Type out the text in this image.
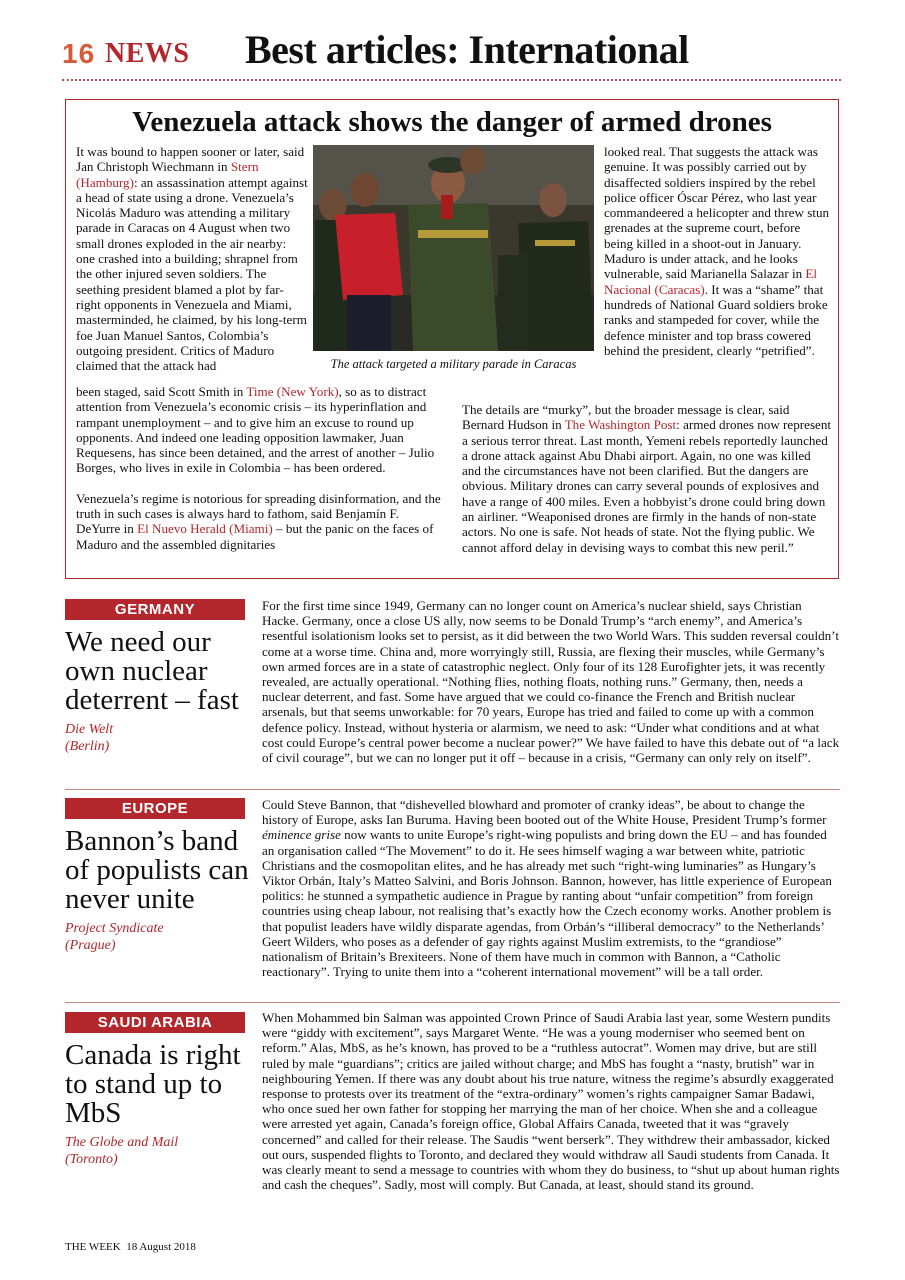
16 NEWS Best articles: International
Venezuela attack shows the danger of armed drones
The attack targeted a military parade in Caracas

It was bound to happen sooner or later, said Jan Christoph Wiechmann in Stern (Hamburg): an assassination attempt against a head of state using a drone. Venezuela’s Nicolás Maduro was attending a military parade in Caracas on 4 August when two small drones exploded in the air nearby: one crashed into a building; shrapnel from the other injured seven soldiers. The seething president blamed a plot by far-right opponents in Venezuela and Miami, masterminded, he claimed, by his long-term foe Juan Manuel Santos, Colombia’s outgoing president. Critics of Maduro claimed that the attack had

been staged, said Scott Smith in Time (New York), so as to distract attention from Venezuela’s economic crisis – its hyperinflation and rampant unemployment – and to give him an excuse to round up opponents. And indeed one leading opposition lawmaker, Juan Requesens, has since been detained, and the arrest of another – Julio Borges, who lives in exile in Colombia – has been ordered.

Venezuela’s regime is notorious for spreading disinformation, and the truth in such cases is always hard to fathom, said Benjamín F. DeYurre in El Nuevo Herald (Miami) – but the panic on the faces of Maduro and the assembled dignitaries

looked real. That suggests the attack was genuine. It was possibly carried out by disaffected soldiers inspired by the rebel police officer Óscar Pérez, who last year commandeered a helicopter and threw stun grenades at the supreme court, before being killed in a shoot-out in January. Maduro is under attack, and he looks vulnerable, said Marianella Salazar in El Nacional (Caracas). It was a “shame” that hundreds of National Guard soldiers broke ranks and stampeded for cover, while the defence minister and top brass cowered behind the president, clearly “petrified”.

The details are “murky”, but the broader message is clear, said Bernard Hudson in The Washington Post: armed drones now represent a serious terror threat. Last month, Yemeni rebels reportedly launched a drone attack against Abu Dhabi airport. Again, no one was killed and the circumstances have not been clarified. But the dangers are obvious. Military drones can carry several pounds of explosives and have a range of 400 miles. Even a hobbyist’s drone could bring down an airliner. “Weaponised drones are firmly in the hands of non-state actors. No one is safe. Not heads of state. Not the flying public. We cannot afford delay in devising ways to combat this new peril.”

GERMANY
We need our own nuclear deterrent – fast
Die Welt
(Berlin)
For the first time since 1949, Germany can no longer count on America’s nuclear shield, says Christian Hacke. Germany, once a close US ally, now seems to be Donald Trump’s “arch enemy”, and America’s resentful isolationism looks set to persist, as it did between the two World Wars. This sudden reversal couldn’t come at a worse time. China and, more worryingly still, Russia, are flexing their muscles, while Germany’s own armed forces are in a state of catastrophic neglect. Only four of its 128 Eurofighter jets, it was recently revealed, are actually operational. “Nothing flies, nothing floats, nothing runs.” Germany, then, needs a nuclear deterrent, and fast. Some have argued that we could co-finance the French and British nuclear arsenals, but that seems unworkable: for 70 years, Europe has tried and failed to come up with a common defence policy. Instead, without hysteria or alarmism, we need to ask: “Under what conditions and at what cost could Europe’s central power become a nuclear power?” We have failed to have this debate out of “a lack of civil courage”, but we can no longer put it off – because in a crisis, “Germany can only rely on itself”.
EUROPE
Bannon’s band of populists can never unite
Project Syndicate
(Prague)
Could Steve Bannon, that “dishevelled blowhard and promoter of cranky ideas”, be about to change the history of Europe, asks Ian Buruma. Having been booted out of the White House, President Trump’s former éminence grise now wants to unite Europe’s right-wing populists and bring down the EU – and has founded an organisation called “The Movement” to do it. He sees himself waging a war between white, patriotic Christians and the cosmopolitan elites, and he has already met such “right-wing luminaries” as Hungary’s Viktor Orbán, Italy’s Matteo Salvini, and Boris Johnson. Bannon, however, has little experience of European politics: he stunned a sympathetic audience in Prague by ranting about “unfair competition” from foreign countries using cheap labour, not realising that’s exactly how the Czech economy works. Another problem is that populist leaders have wildly disparate agendas, from Orbán’s “illiberal democracy” to the Netherlands’ Geert Wilders, who poses as a defender of gay rights against Muslim extremists, to the “grandiose” nationalism of Britain’s Brexiteers. None of them have much in common with Bannon, a “Catholic reactionary”. Trying to unite them into a “coherent international movement” will be a tall order.
SAUDI ARABIA
Canada is right to stand up to MbS
The Globe and Mail
(Toronto)
When Mohammed bin Salman was appointed Crown Prince of Saudi Arabia last year, some Western pundits were “giddy with excitement”, says Margaret Wente. “He was a young moderniser who seemed bent on reform.” Alas, MbS, as he’s known, has proved to be a “ruthless autocrat”. Women may drive, but are still ruled by male “guardians”; critics are jailed without charge; and MbS has fought a “nasty, brutish” war in neighbouring Yemen. If there was any doubt about his true nature, witness the regime’s absurdly exaggerated response to protests over its treatment of the “extra-ordinary” women’s rights campaigner Samar Badawi, who once sued her own father for stopping her marrying the man of her choice. When she and a colleague were arrested yet again, Canada’s foreign office, Global Affairs Canada, tweeted that it was “gravely concerned” and called for their release. The Saudis “went berserk”. They withdrew their ambassador, kicked out ours, suspended flights to Toronto, and declared they would withdraw all Saudi students from Canada. It was clearly meant to send a message to countries with whom they do business, to “shut up about human rights and cash the cheques”. Sadly, most will comply. But Canada, at least, should stand its ground.
THE WEEK 18 August 2018
